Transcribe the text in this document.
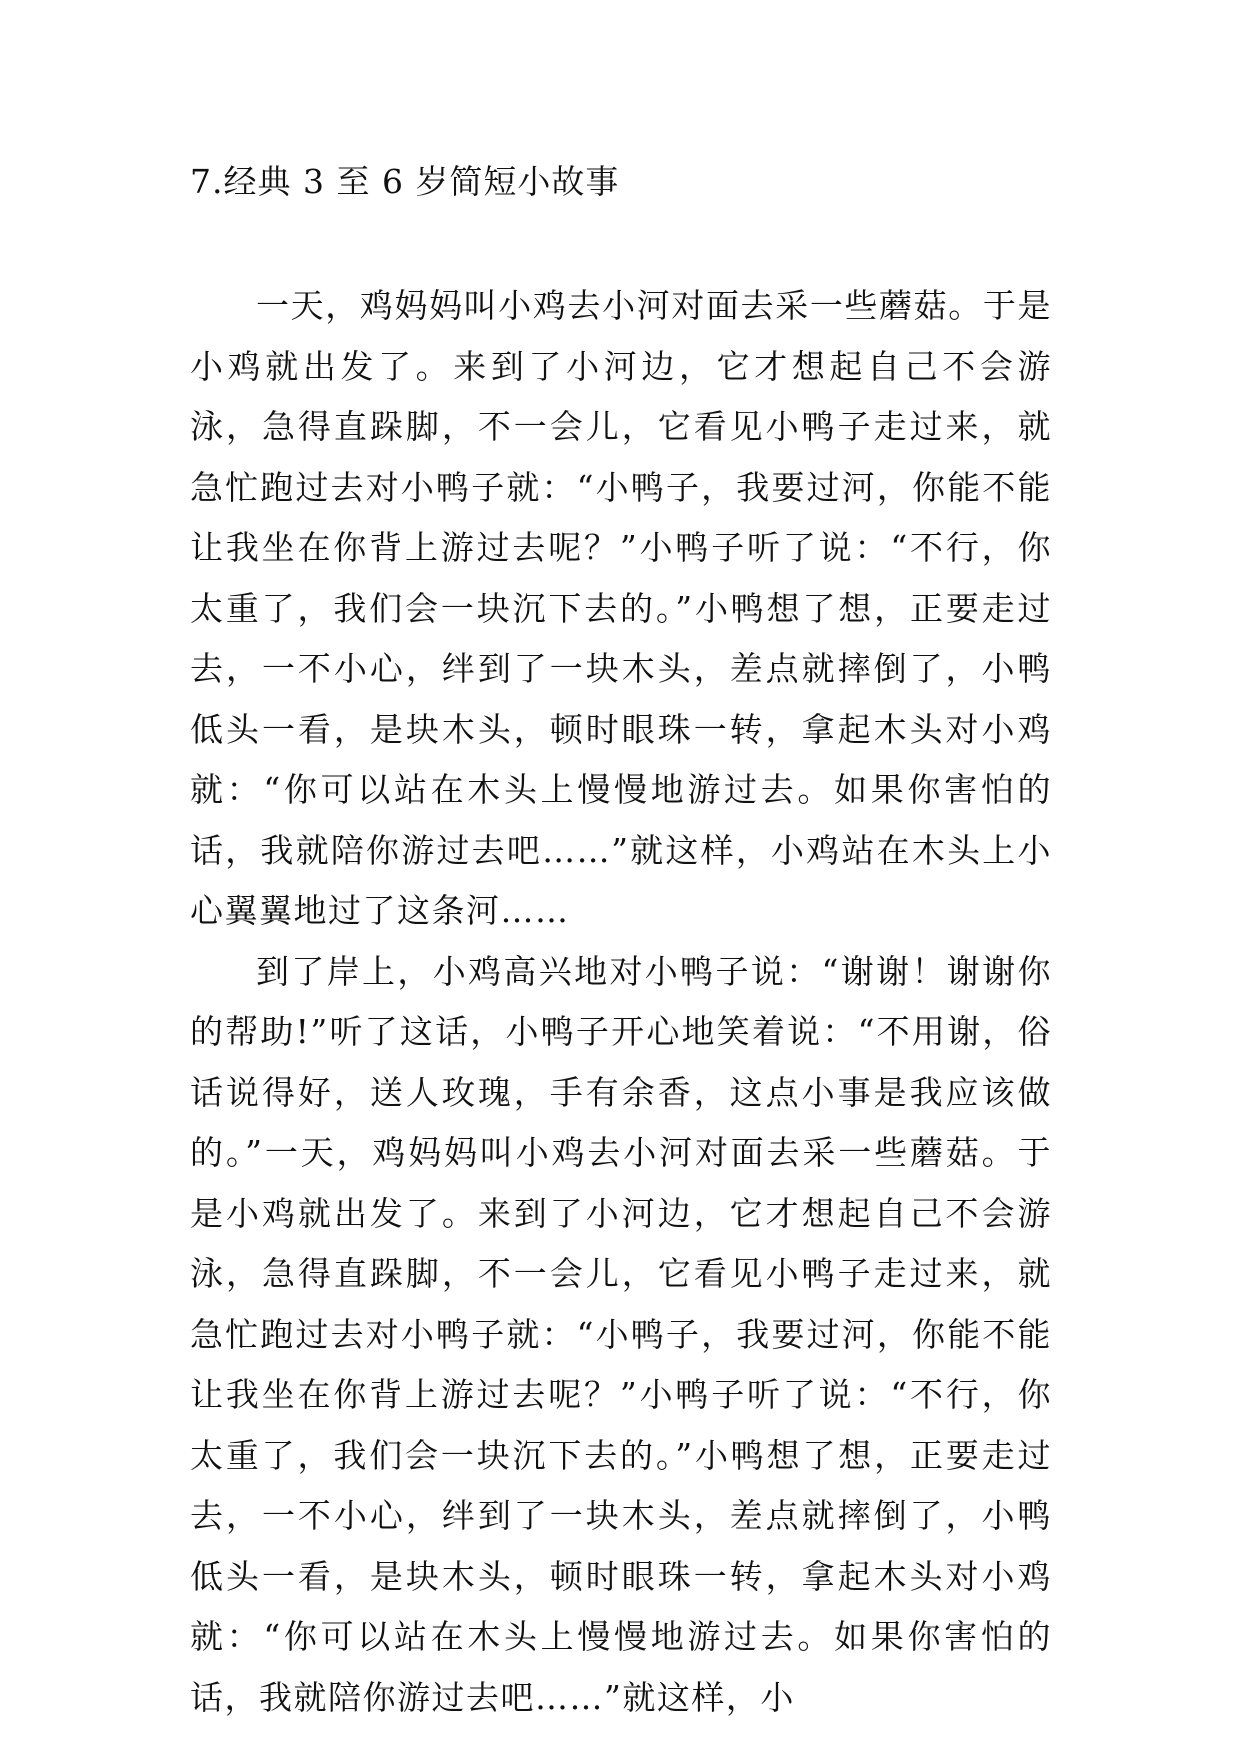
7.经典 3 至 6 岁简短小故事

一天，鸡妈妈叫小鸡去小河对面去采一些蘑菇。于是小鸡就出发了。来到了小河边，它才想起自己不会游泳，急得直跺脚，不一会儿，它看见小鸭子走过来，就急忙跑过去对小鸭子就：“小鸭子，我要过河，你能不能让我坐在你背上游过去呢？”小鸭子听了说：“不行，你太重了，我们会一块沉下去的。”小鸭想了想，正要走过去，一不小心，绊到了一块木头，差点就摔倒了，小鸭低头一看，是块木头，顿时眼珠一转，拿起木头对小鸡就：“你可以站在木头上慢慢地游过去。如果你害怕的话，我就陪你游过去吧……”就这样，小鸡站在木头上小心翼翼地过了这条河……

到了岸上，小鸡高兴地对小鸭子说：“谢谢！谢谢你的帮助!”听了这话，小鸭子开心地笑着说：“不用谢，俗话说得好，送人玫瑰，手有余香，这点小事是我应该做的。”一天，鸡妈妈叫小鸡去小河对面去采一些蘑菇。于是小鸡就出发了。来到了小河边，它才想起自己不会游泳，急得直跺脚，不一会儿，它看见小鸭子走过来，就急忙跑过去对小鸭子就：“小鸭子，我要过河，你能不能让我坐在你背上游过去呢？”小鸭子听了说：“不行，你太重了，我们会一块沉下去的。”小鸭想了想，正要走过去，一不小心，绊到了一块木头，差点就摔倒了，小鸭低头一看，是块木头，顿时眼珠一转，拿起木头对小鸡就：“你可以站在木头上慢慢地游过去。如果你害怕的话，我就陪你游过去吧……”就这样，小
